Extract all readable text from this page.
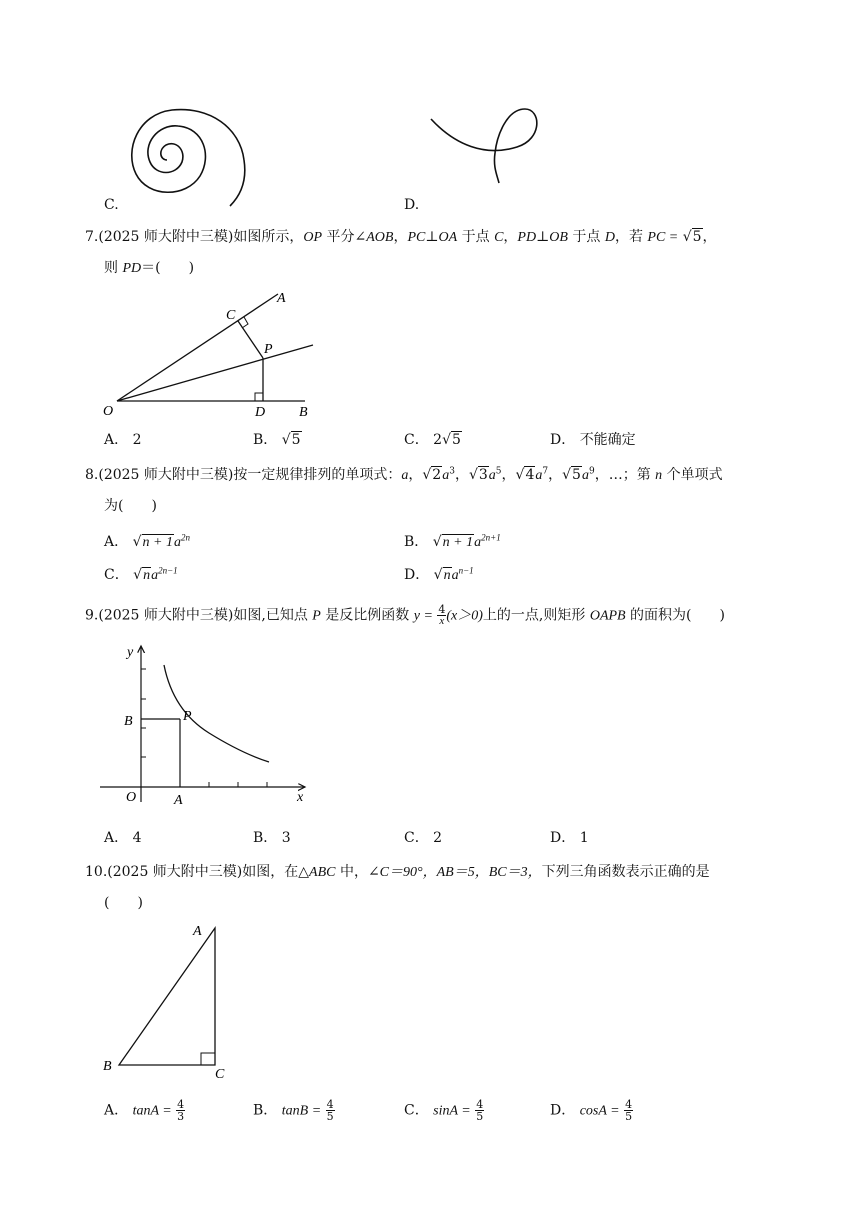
C.	D.
7.(2025 师大附中三模)如图所示，OP 平分∠AOB，PC⊥OA 于点 C，PD⊥OB 于点 D，若 PC = √5，
则 PD＝(　　)
A
C
P
O	D B
A． 2	B． √5	C． 2√5	D． 不能确定
8.(2025 师大附中三模)按一定规律排列的单项式：a，$√2a^3$，$√3a^5$，$√4a^7$，$√5a^9$，…；第 n 个单项式
为(　　)
A． $√n + 1a^{2n}$	B． $√n + 1a^{2n+1}$
C． $√na^{2n-1}$	D． $√na^{n-1}$
9.(2025 师大附中三模)如图,已知点 P 是反比例函数 $y = \frac{4}{x} (x>0)$上的一点,则矩形 OAPB 的面积为(　　)
y
x
O	A
B	P
A． 4	B． 3	C． 2	D． 1
10.(2025 师大附中三模)如图，在△ABC 中，∠C＝90°，AB＝5，BC＝3，下列三角函数表示正确的是
(　　)
A
B
C
A． $\tan A = \frac{4}{3}$	B． $\tan B = \frac{4}{5}$	C． $\sin A = \frac{4}{5}$	D． $\cos A = \frac{4}{5}$
